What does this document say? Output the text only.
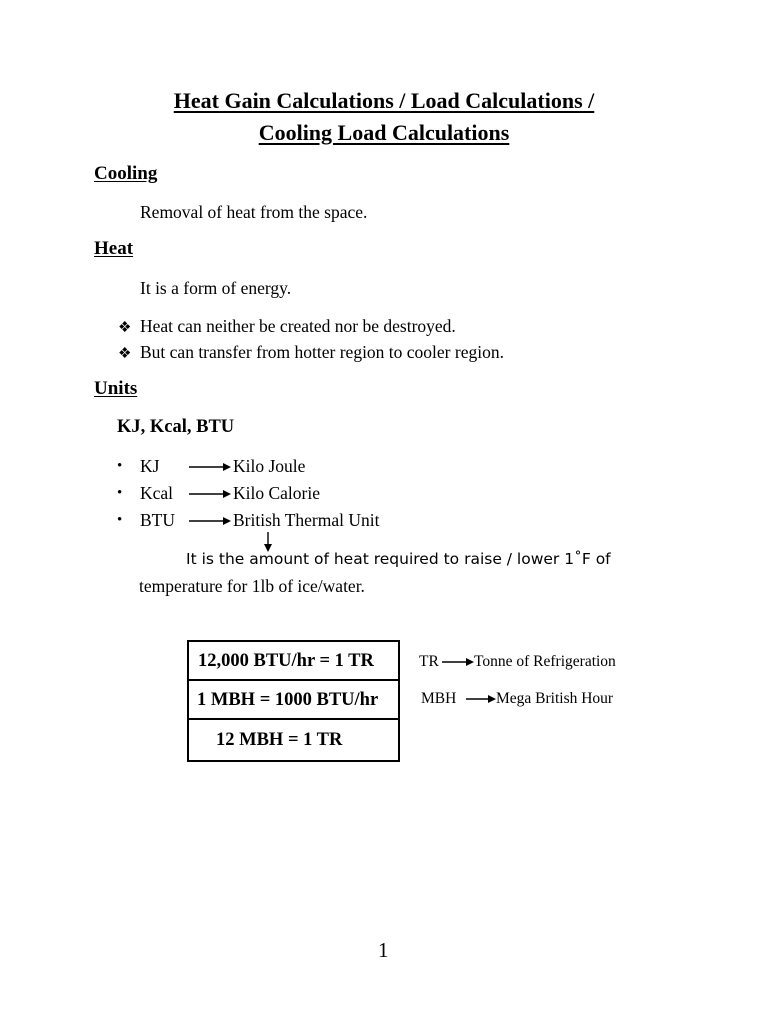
Heat Gain Calculations / Load Calculations /
Cooling Load Calculations
Cooling
Removal of heat from the space.
Heat
It is a form of energy.
❖ Heat can neither be created nor be destroyed.
❖ But can transfer from hotter region to cooler region.
Units
KJ, Kcal, BTU
• KJ	Kilo Joule
• Kcal	Kilo Calorie
• BTU	British Thermal Unit
It is the amount of heat required to raise / lower 1˚F of
temperature for 1lb of ice/water.
12,000 BTU/hr = 1 TR
1 MBH = 1000 BTU/hr
12 MBH = 1 TR
TR Tonne of Refrigeration
MBH	Mega British Hour
1
